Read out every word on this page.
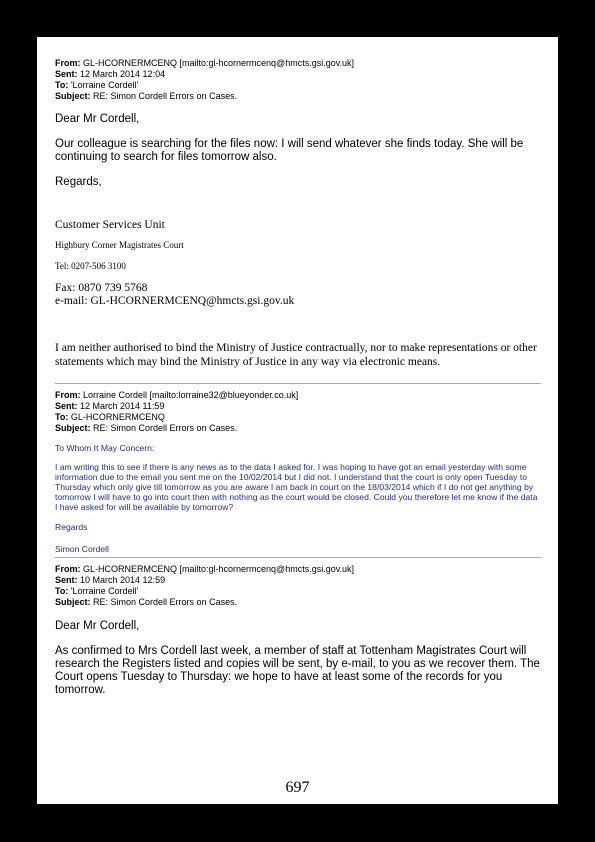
From: GL-HCORNERMCENQ [mailto:gl-hcornermcenq@hmcts.gsi.gov.uk]
Sent: 12 March 2014 12:04
To: 'Lorraine Cordell'
Subject: RE: Simon Cordell Errors on Cases.

Dear Mr Cordell,

Our colleague is searching for the files now: I will send whatever she finds today. She will be continuing to search for files tomorrow also.

Regards,

Customer Services Unit

Highbury Corner Magistrates Court

Tel: 0207-506 3100

Fax: 0870 739 5768

e-mail: GL-HCORNERMCENQ@hmcts.gsi.gov.uk

I am neither authorised to bind the Ministry of Justice contractually, nor to make representations or other statements which may bind the Ministry of Justice in any way via electronic means.

From: Lorraine Cordell [mailto:lorraine32@blueyonder.co.uk]
Sent: 12 March 2014 11:59
To: GL-HCORNERMCENQ
Subject: RE: Simon Cordell Errors on Cases.

To Whom It May Concern:

I am writing this to see if there is any news as to the data I asked for. I was hoping to have got an email yesterday with some information due to the email you sent me on the 10/02/2014 but I did not. I understand that the court is only open Tuesday to Thursday which only give till tomorrow as you are aware I am back in court on the 18/03/2014 which if I do not get anything by tomorrow I will have to go into court then with nothing as the court would be closed. Could you therefore let me know if the data I have asked for will be available by tomorrow?

Regards

Simon Cordell

From: GL-HCORNERMCENQ [mailto:gl-hcornermcenq@hmcts.gsi.gov.uk]
Sent: 10 March 2014 12:59
To: 'Lorraine Cordell'
Subject: RE: Simon Cordell Errors on Cases.

Dear Mr Cordell,

As confirmed to Mrs Cordell last week, a member of staff at Tottenham Magistrates Court will research the Registers listed and copies will be sent, by e-mail, to you as we recover them. The Court opens Tuesday to Thursday: we hope to have at least some of the records for you tomorrow.

697
